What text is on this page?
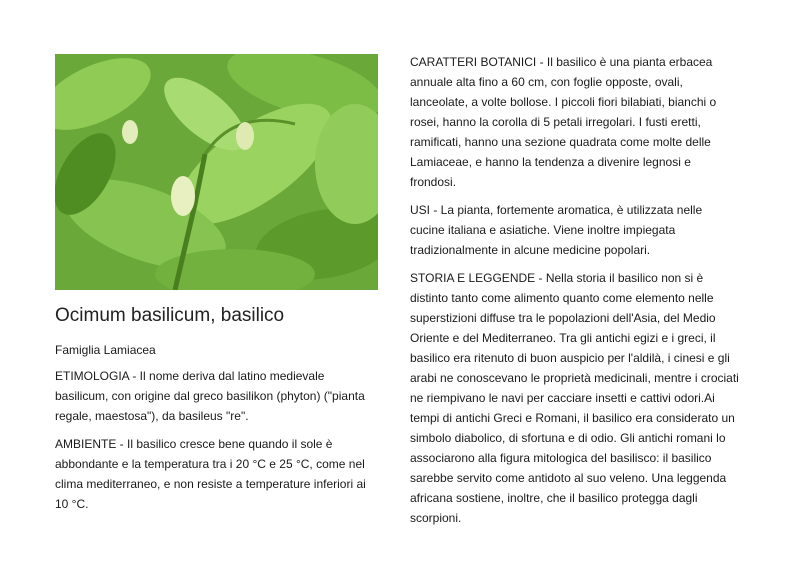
Ocimum basilicum, basilico

Famiglia Lamiacea

ETIMOLOGIA - Il nome deriva dal latino medievale basilicum, con origine dal greco basilikon (phyton) ("pianta regale, maestosa"), da basileus "re".

AMBIENTE - Il basilico cresce bene quando il sole è abbondante e la temperatura tra i 20 °C e 25 °C, come nel clima mediterraneo, e non resiste a temperature inferiori ai 10 °C.

CARATTERI BOTANICI - Il basilico è una pianta erbacea annuale alta fino a 60 cm, con foglie opposte, ovali, lanceolate, a volte bollose. I piccoli fiori bilabiati, bianchi o rosei, hanno la corolla di 5 petali irregolari. I fusti eretti, ramificati, hanno una sezione quadrata come molte delle Lamiaceae, e hanno la tendenza a divenire legnosi e frondosi.

USI - La pianta, fortemente aromatica, è utilizzata nelle cucine italiana e asiatiche. Viene inoltre impiegata tradizionalmente in alcune medicine popolari.

STORIA E LEGGENDE - Nella storia il basilico non si è distinto tanto come alimento quanto come elemento nelle superstizioni diffuse tra le popolazioni dell'Asia, del Medio Oriente e del Mediterraneo. Tra gli antichi egizi e i greci, il basilico era ritenuto di buon auspicio per l'aldilà, i cinesi e gli arabi ne conoscevano le proprietà medicinali, mentre i crociati ne riempivano le navi per cacciare insetti e cattivi odori.Ai tempi di antichi Greci e Romani, il basilico era considerato un simbolo diabolico, di sfortuna e di odio. Gli antichi romani lo associarono alla figura mitologica del basilisco: il basilico sarebbe servito come antidoto al suo veleno. Una leggenda africana sostiene, inoltre, che il basilico protegga dagli scorpioni.
